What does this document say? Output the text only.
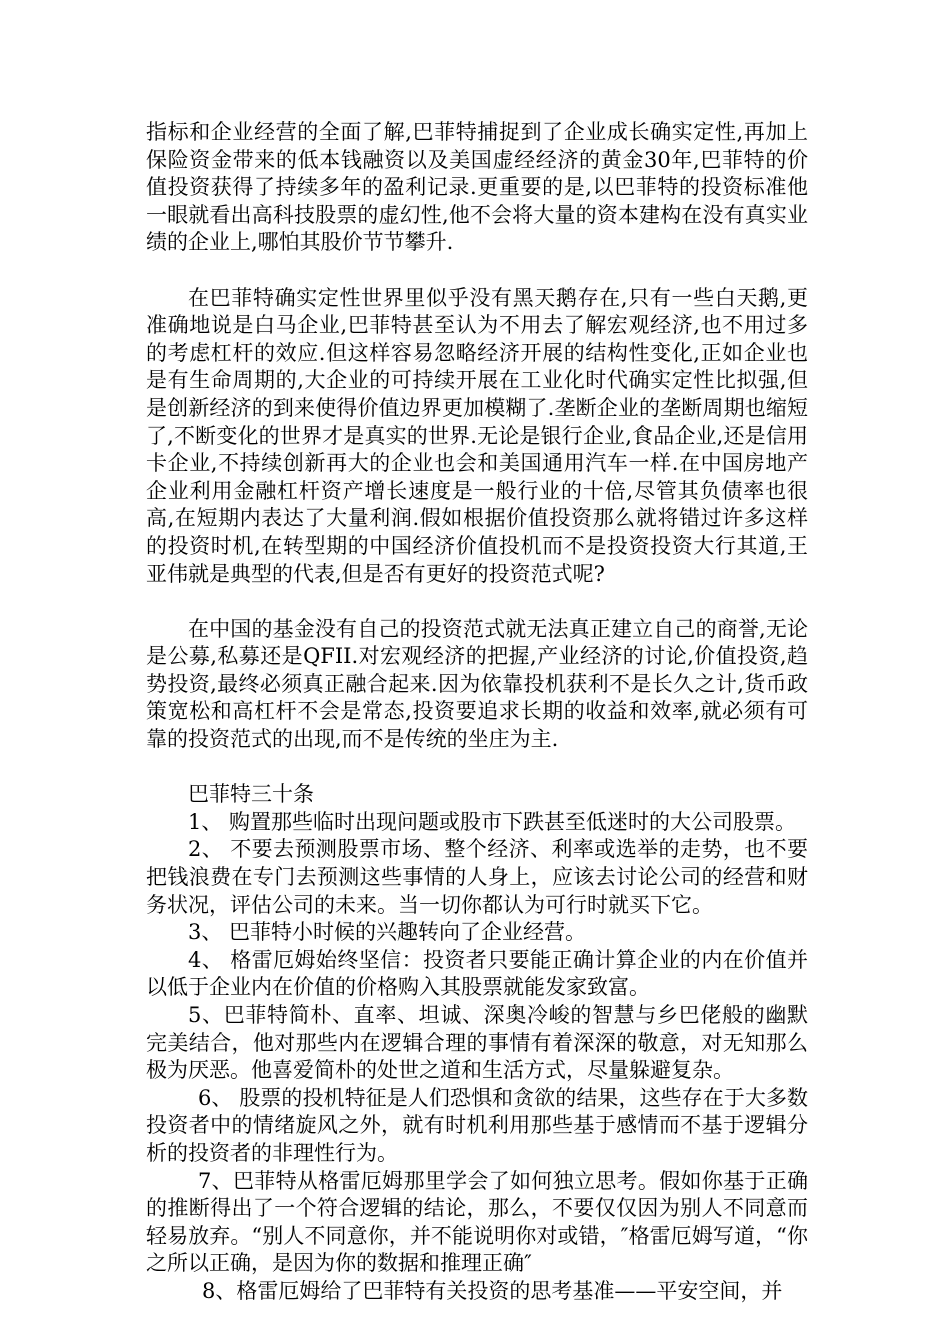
指标和企业经营的全面了解,巴菲特捕捉到了企业成长确实定性,再加上保险资金带来的低本钱融资以及美国虚经经济的黄金30年,巴菲特的价值投资获得了持续多年的盈利记录.更重要的是,以巴菲特的投资标准他一眼就看出高科技股票的虚幻性,他不会将大量的资本建构在没有真实业绩的企业上,哪怕其股价节节攀升.

在巴菲特确实定性世界里似乎没有黑天鹅存在,只有一些白天鹅,更准确地说是白马企业,巴菲特甚至认为不用去了解宏观经济,也不用过多的考虑杠杆的效应.但这样容易忽略经济开展的结构性变化,正如企业也是有生命周期的,大企业的可持续开展在工业化时代确实定性比拟强,但是创新经济的到来使得价值边界更加模糊了.垄断企业的垄断周期也缩短了,不断变化的世界才是真实的世界.无论是银行企业,食品企业,还是信用卡企业,不持续创新再大的企业也会和美国通用汽车一样.在中国房地产企业利用金融杠杆资产增长速度是一般行业的十倍,尽管其负债率也很高,在短期内表达了大量利润.假如根据价值投资那么就将错过许多这样的投资时机,在转型期的中国经济价值投机而不是投资投资大行其道,王亚伟就是典型的代表,但是否有更好的投资范式呢?

在中国的基金没有自己的投资范式就无法真正建立自己的商誉,无论是公募,私募还是QFII.对宏观经济的把握,产业经济的讨论,价值投资,趋势投资,最终必须真正融合起来.因为依靠投机获利不是长久之计,货币政策宽松和高杠杆不会是常态,投资要追求长期的收益和效率,就必须有可靠的投资范式的出现,而不是传统的坐庄为主.

巴菲特三十条

1、 购置那些临时出现问题或股市下跌甚至低迷时的大公司股票。

2、 不要去预测股票市场、整个经济、利率或选举的走势，也不要把钱浪费在专门去预测这些事情的人身上，应该去讨论公司的经营和财务状况，评估公司的未来。当一切你都认为可行时就买下它。

3、 巴菲特小时候的兴趣转向了企业经营。

4、 格雷厄姆始终坚信：投资者只要能正确计算企业的内在价值并以低于企业内在价值的价格购入其股票就能发家致富。

5、巴菲特简朴、直率、坦诚、深奥冷峻的智慧与乡巴佬般的幽默完美结合，他对那些内在逻辑合理的事情有着深深的敬意，对无知那么极为厌恶。他喜爱简朴的处世之道和生活方式，尽量躲避复杂。

6、 股票的投机特征是人们恐惧和贪欲的结果，这些存在于大多数投资者中的情绪旋风之外，就有时机利用那些基于感情而不基于逻辑分析的投资者的非理性行为。

7、巴菲特从格雷厄姆那里学会了如何独立思考。假如你基于正确的推断得出了一个符合逻辑的结论，那么，不要仅仅因为别人不同意而轻易放弃。“别人不同意你，并不能说明你对或错，″格雷厄姆写道，“你之所以正确，是因为你的数据和推理正确″

8、格雷厄姆给了巴菲特有关投资的思考基准——平安空间，并
